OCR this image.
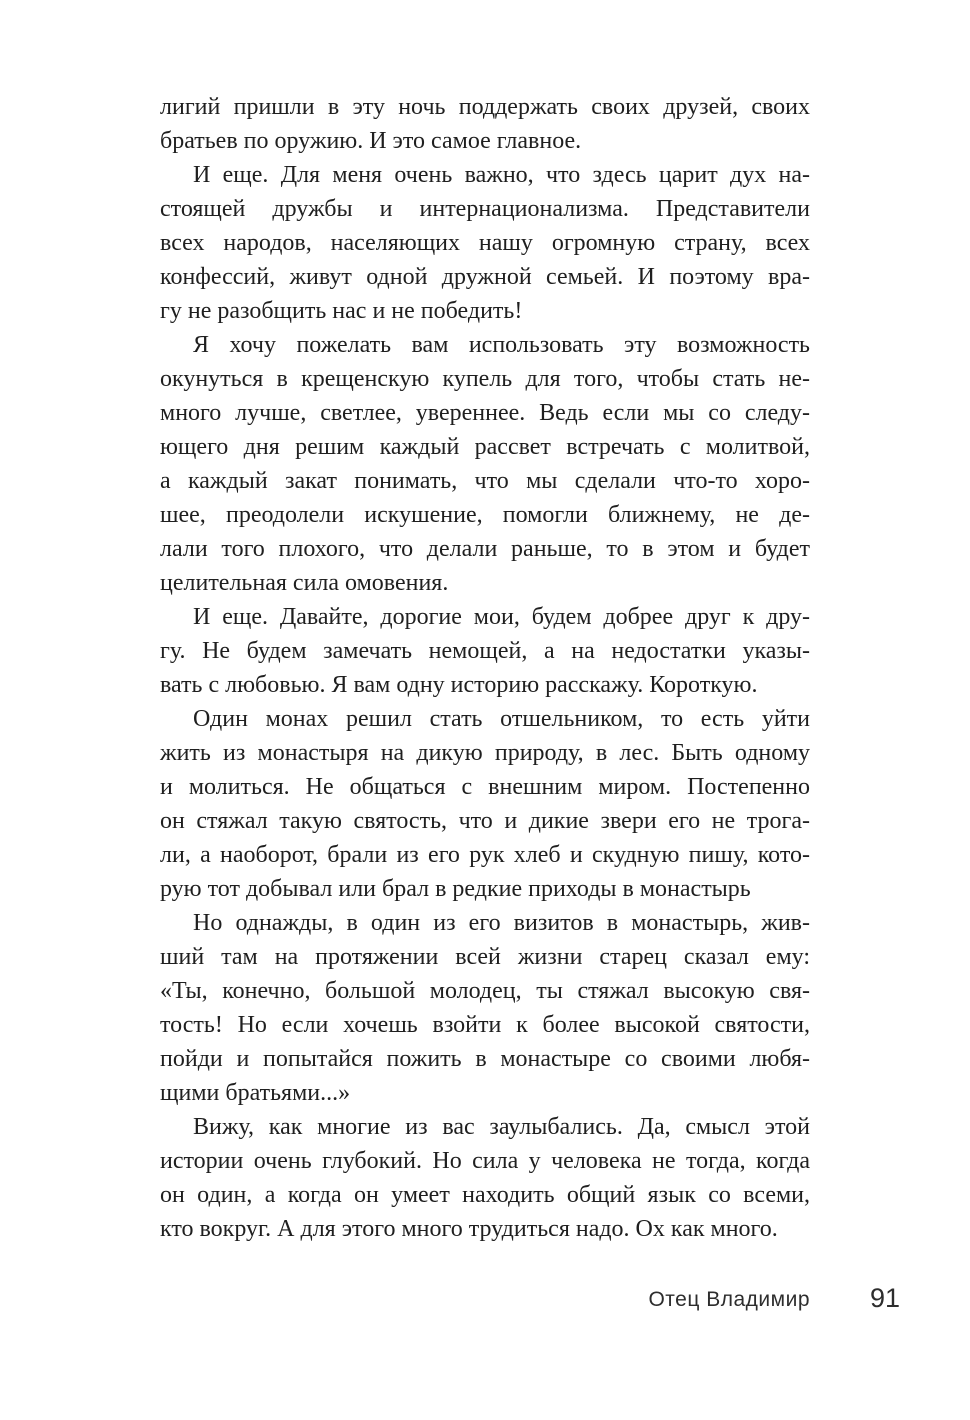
лигий пришли в эту ночь поддержать своих друзей, своих
братьев по оружию. И это самое главное.
И еще. Для меня очень важно, что здесь царит дух на-
стоящей дружбы и интернационализма. Представители
всех народов, населяющих нашу огромную страну, всех
конфессий, живут одной дружной семьей. И поэтому вра-
гу не разобщить нас и не победить!
Я хочу пожелать вам использовать эту возможность
окунуться в крещенскую купель для того, чтобы стать не-
много лучше, светлее, увереннее. Ведь если мы со следу-
ющего дня решим каждый рассвет встречать с молитвой,
а каждый закат понимать, что мы сделали что-то хоро-
шее, преодолели искушение, помогли ближнему, не де-
лали того плохого, что делали раньше, то в этом и будет
целительная сила омовения.
И еще. Давайте, дорогие мои, будем добрее друг к дру-
гу. Не будем замечать немощей, а на недостатки указы-
вать с любовью. Я вам одну историю расскажу. Короткую.
Один монах решил стать отшельником, то есть уйти
жить из монастыря на дикую природу, в лес. Быть одному
и молиться. Не общаться с внешним миром. Постепенно
он стяжал такую святость, что и дикие звери его не трога-
ли, а наоборот, брали из его рук хлеб и скудную пишу, кото-
рую тот добывал или брал в редкие приходы в монастырь
Но однажды, в один из его визитов в монастырь, жив-
ший там на протяжении всей жизни старец сказал ему:
«Ты, конечно, большой молодец, ты стяжал высокую свя-
тость! Но если хочешь взойти к более высокой святости,
пойди и попытайся пожить в монастыре со своими любя-
щими братьями...»
Вижу, как многие из вас заулыбались. Да, смысл этой
истории очень глубокий. Но сила у человека не тогда, когда
он один, а когда он умеет находить общий язык со всеми,
кто вокруг. А для этого много трудиться надо. Ох как много.
Отец Владимир	91
